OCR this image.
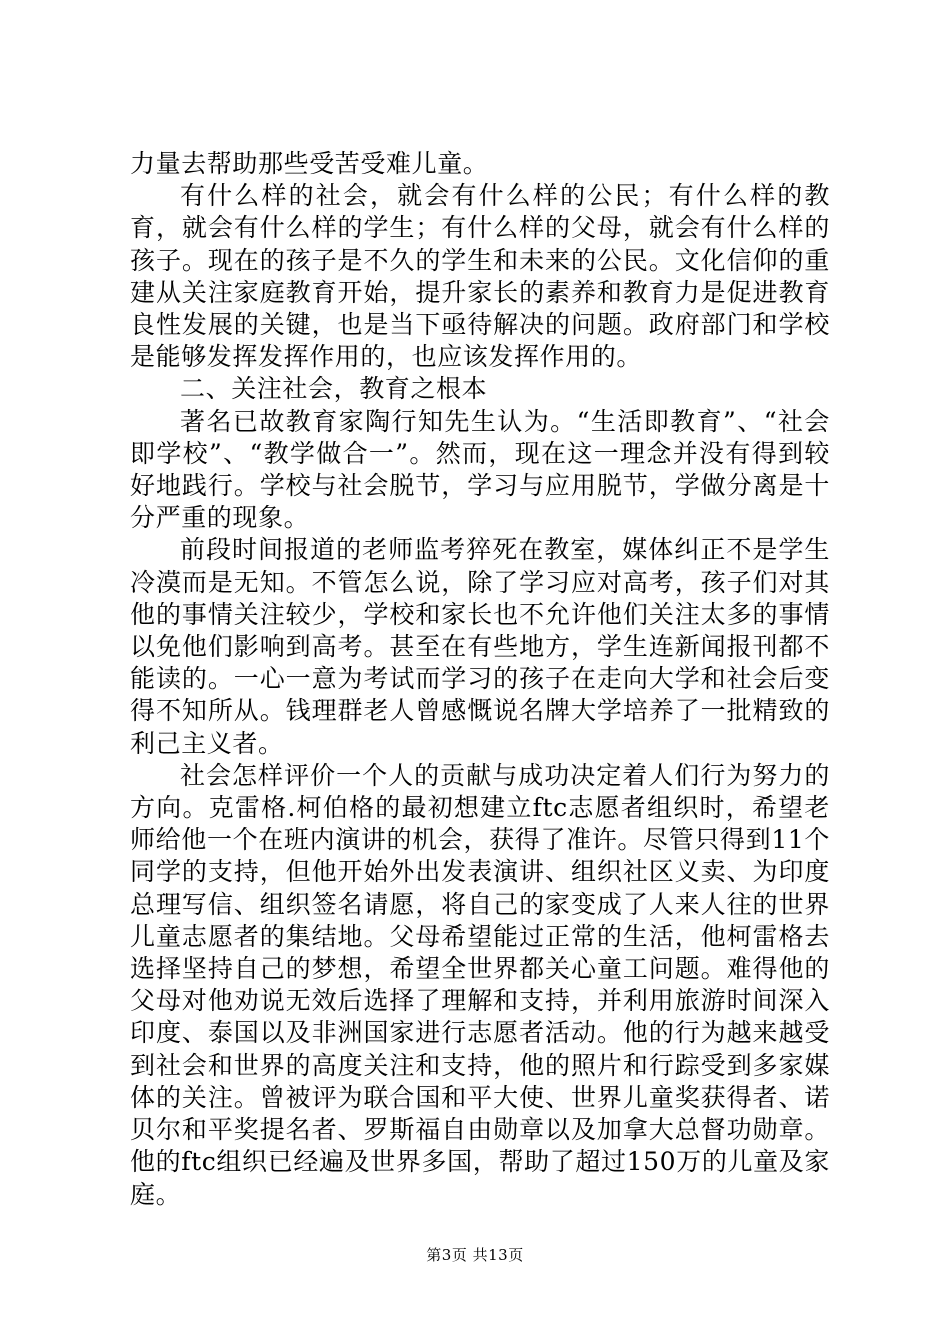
力量去帮助那些受苦受难儿童。

有什么样的社会，就会有什么样的公民；有什么样的教育，就会有什么样的学生；有什么样的父母，就会有什么样的孩子。现在的孩子是不久的学生和未来的公民。文化信仰的重建从关注家庭教育开始，提升家长的素养和教育力是促进教育良性发展的关键，也是当下亟待解决的问题。政府部门和学校是能够发挥发挥作用的，也应该发挥作用的。

二、关注社会，教育之根本

著名已故教育家陶行知先生认为。“生活即教育”、“社会即学校”、“教学做合一”。然而，现在这一理念并没有得到较好地践行。学校与社会脱节，学习与应用脱节，学做分离是十分严重的现象。

前段时间报道的老师监考猝死在教室，媒体纠正不是学生冷漠而是无知。不管怎么说，除了学习应对高考，孩子们对其他的事情关注较少，学校和家长也不允许他们关注太多的事情以免他们影响到高考。甚至在有些地方，学生连新闻报刊都不能读的。一心一意为考试而学习的孩子在走向大学和社会后变得不知所从。钱理群老人曾感慨说名牌大学培养了一批精致的利己主义者。

社会怎样评价一个人的贡献与成功决定着人们行为努力的方向。克雷格.柯伯格的最初想建立ftc志愿者组织时，希望老师给他一个在班内演讲的机会，获得了准许。尽管只得到11个同学的支持，但他开始外出发表演讲、组织社区义卖、为印度总理写信、组织签名请愿，将自己的家变成了人来人往的世界儿童志愿者的集结地。父母希望能过正常的生活，他柯雷格去选择坚持自己的梦想，希望全世界都关心童工问题。难得他的父母对他劝说无效后选择了理解和支持，并利用旅游时间深入印度、泰国以及非洲国家进行志愿者活动。他的行为越来越受到社会和世界的高度关注和支持，他的照片和行踪受到多家媒体的关注。曾被评为联合国和平大使、世界儿童奖获得者、诺贝尔和平奖提名者、罗斯福自由勋章以及加拿大总督功勋章。他的ftc组织已经遍及世界多国，帮助了超过150万的儿童及家庭。

第3页 共13页
